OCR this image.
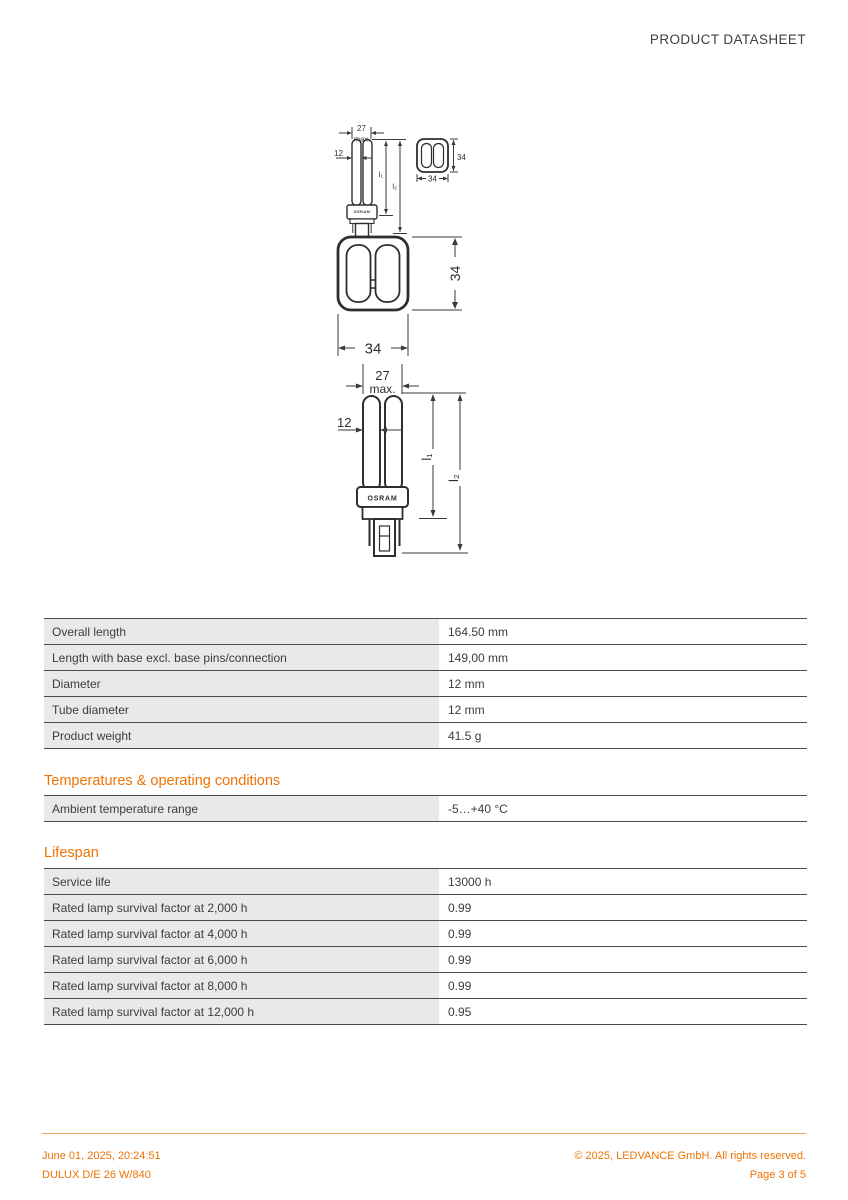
PRODUCT DATASHEET
27
max.
12
l₁
l₂
OSRAM
34
34
34
34
27
max.
12
l₁
l₂
OSRAM
Overall length	164.50 mm
Length with base excl. base pins/connection	149,00 mm
Diameter	12 mm
Tube diameter	12 mm
Product weight	41.5 g
Temperatures & operating conditions
Ambient temperature range	-5…+40 °C
Lifespan
Service life	13000 h
Rated lamp survival factor at 2,000 h	0.99
Rated lamp survival factor at 4,000 h	0.99
Rated lamp survival factor at 6,000 h	0.99
Rated lamp survival factor at 8,000 h	0.99
Rated lamp survival factor at 12,000 h	0.95
June 01, 2025, 20:24:51
DULUX D/E 26 W/840
© 2025, LEDVANCE GmbH. All rights reserved.
Page 3 of 5
